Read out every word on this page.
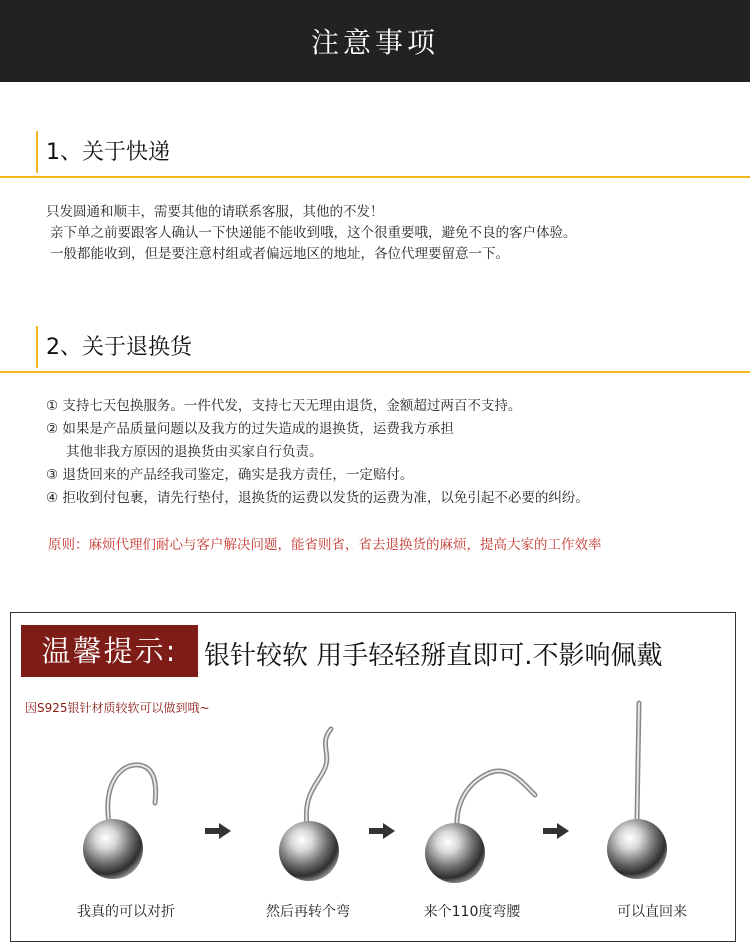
注意事项
1、关于快递
只发圆通和顺丰，需要其他的请联系客服，其他的不发！
亲下单之前要跟客人确认一下快递能不能收到哦，这个很重要哦，避免不良的客户体验。
一般都能收到，但是要注意村组或者偏远地区的地址，各位代理要留意一下。
2、关于退换货
① 支持七天包换服务。一件代发，支持七天无理由退货，金额超过两百不支持。
② 如果是产品质量问题以及我方的过失造成的退换货，运费我方承担
其他非我方原因的退换货由买家自行负责。
③ 退货回来的产品经我司鉴定，确实是我方责任，一定赔付。
④ 拒收到付包裹，请先行垫付，退换货的运费以发货的运费为准，以免引起不必要的纠纷。
原则：麻烦代理们耐心与客户解决问题，能省则省，省去退换货的麻烦，提高大家的工作效率
温馨提示:	银针较软 用手轻轻掰直即可.不影响佩戴
因S925银针材质较软可以做到哦~
我真的可以对折	然后再转个弯	来个110度弯腰	可以直回来
